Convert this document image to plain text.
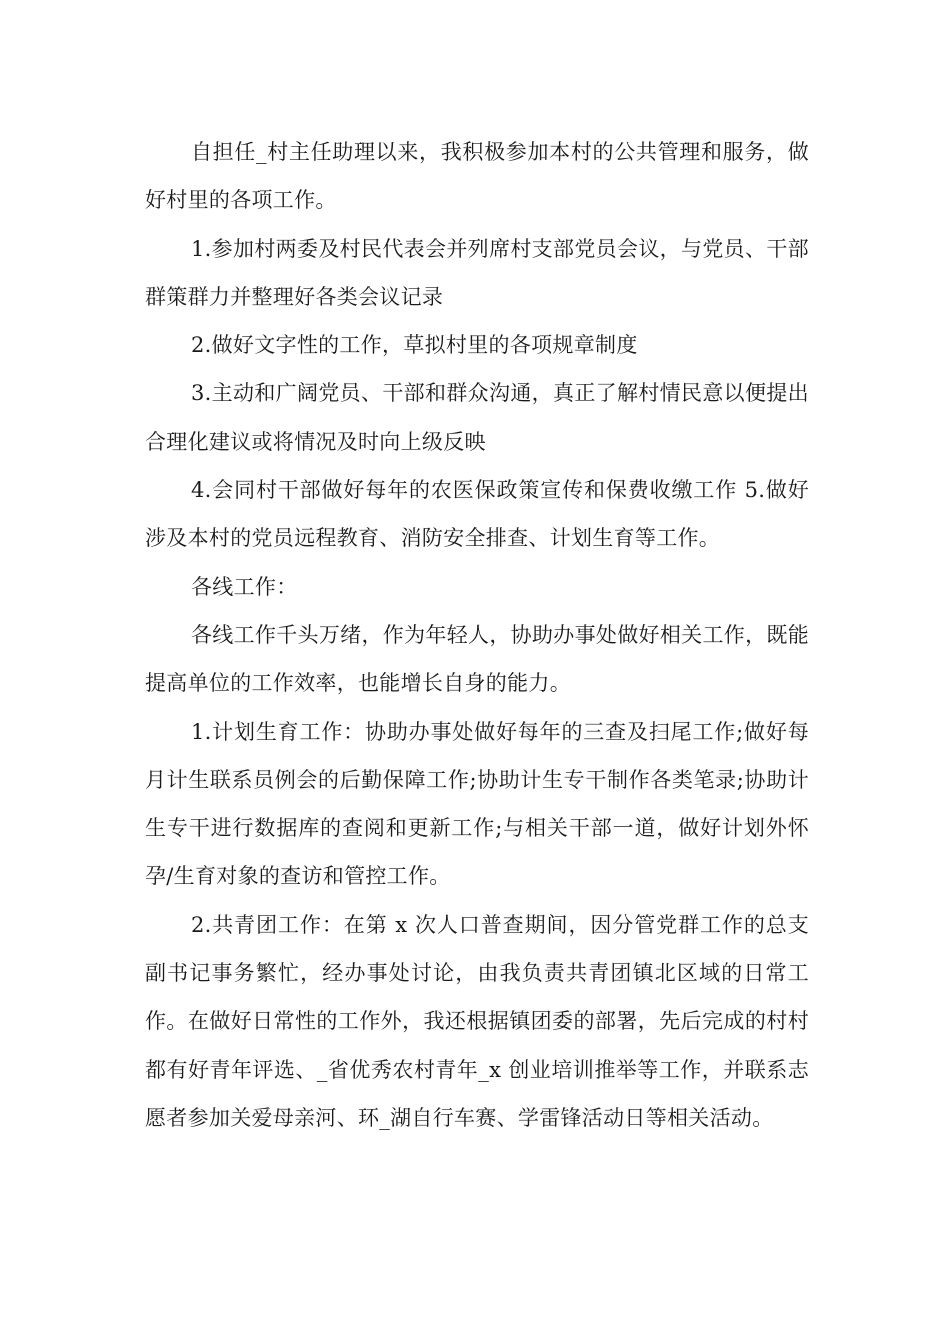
自担任_村主任助理以来，我积极参加本村的公共管理和服务，做好村里的各项工作。

1.参加村两委及村民代表会并列席村支部党员会议，与党员、干部群策群力并整理好各类会议记录

2.做好文字性的工作，草拟村里的各项规章制度

3.主动和广阔党员、干部和群众沟通，真正了解村情民意以便提出合理化建议或将情况及时向上级反映

4.会同村干部做好每年的农医保政策宣传和保费收缴工作 5.做好涉及本村的党员远程教育、消防安全排查、计划生育等工作。

各线工作：

各线工作千头万绪，作为年轻人，协助办事处做好相关工作，既能提高单位的工作效率，也能增长自身的能力。

1.计划生育工作：协助办事处做好每年的三查及扫尾工作;做好每月计生联系员例会的后勤保障工作;协助计生专干制作各类笔录;协助计生专干进行数据库的查阅和更新工作;与相关干部一道，做好计划外怀孕/生育对象的查访和管控工作。

2.共青团工作：在第 x 次人口普查期间，因分管党群工作的总支副书记事务繁忙，经办事处讨论，由我负责共青团镇北区域的日常工作。在做好日常性的工作外，我还根据镇团委的部署，先后完成的村村都有好青年评选、_省优秀农村青年_x 创业培训推举等工作，并联系志愿者参加关爱母亲河、环_湖自行车赛、学雷锋活动日等相关活动。
